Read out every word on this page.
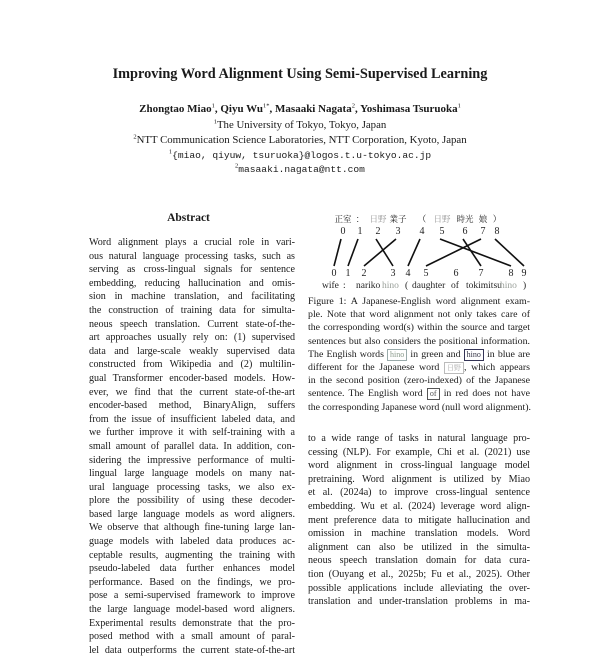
Improving Word Alignment Using Semi-Supervised Learning
Zhongtao Miao$^1$, Qiyu $Wu^{1*}$, Masaaki Nagata$^2$, Yoshimasa Tsuruoka$^1$
$^1$The University of Tokyo, Tokyo, Japan
$^2$NTT Communication Science Laboratories, NTT Corporation, Kyoto, Japan
$^1${miao, qiyuw, tsuruoka}@logos.t.u-tokyo.ac.jp
$^2$masaaki.nagata@ntt.com
Abstract
Word alignment plays a crucial role in vari-
ous natural language processing tasks, such as
serving as cross-lingual signals for sentence
embedding, reducing hallucination and omis-
sion in machine translation, and facilitating
the construction of training data for simulta-
neous speech translation. Current state-of-the-
art approaches usually rely on: (1) supervised
data and large-scale weakly supervised data
constructed from Wikipedia and (2) multilin-
gual Transformer encoder-based models. How-
ever, we find that the current state-of-the-art
encoder-based method, BinaryAlign, suffers
from the issue of insufficient labeled data, and
we further improve it with self-training with a
small amount of parallel data. In addition, con-
sidering the impressive performance of multi-
lingual large language models on many nat-
ural language processing tasks, we also ex-
plore the possibility of using these decoder-
based large language models as word aligners.
We observe that although fine-tuning large lan-
guage models with labeled data produces ac-
ceptable results, augmenting the training with
pseudo-labeled data further enhances model
performance. Based on the findings, we pro-
pose a semi-supervised framework to improve
the large language model-based word aligners.
Experimental results demonstrate that the pro-
posed method with a small amount of paral-
lel data outperforms the current state-of-the-art
正室 ： 日野 業子 （ 日野 時光 娘 ）
0 1 2 3 4 5 6 7 8
0 1 2 3 4 5	6 7	8 9
wife : nariko hino ( daughter of tokimitsu
hino )
Figure 1: A Japanese-English word alignment exam-
ple. Note that word alignment not only takes care of
the corresponding word(s) within the source and target
sentences but also considers the positional information.
The English words hino in green and hino in blue are
different for the Japanese word 日野 , which appears
in the second position (zero-indexed) of the Japanese
sentence. The English word of in red does not have
the corresponding Japanese word (null word alignment).
to a wide range of tasks in natural language pro-
cessing (NLP). For example, Chi et al. (2021) use
word alignment in cross-lingual language model
pretraining. Word alignment is utilized by Miao
et al. (2024a) to improve cross-lingual sentence
embedding. Wu et al. (2024) leverage word align-
ment preference data to mitigate hallucination and
omission in machine translation models. Word
alignment can also be utilized in the simulta-
neous speech translation domain for data cura-
tion (Ouyang et al., 2025b; Fu et al., 2025). Other
possible applications include alleviating the over-
translation and under-translation problems in ma-
